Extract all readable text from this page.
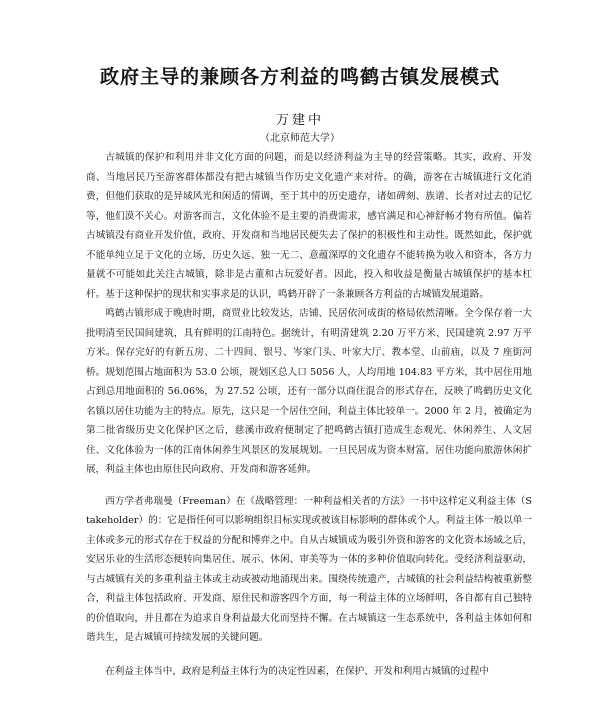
政府主导的兼顾各方利益的鸣鹤古镇发展模式
万建中
（北京师范大学）

古城镇的保护和利用并非文化方面的问题，而是以经济利益为主导的经营策略。其实，政府、开发商、当地居民乃至游客群体都没有把古城镇当作历史文化遗产来对待。的确，游客在古城镇进行文化消费，但他们获取的是异域风光和闲适的情调，至于其中的历史遗存，诸如碑刻、族谱、长者对过去的记忆等，他们漠不关心。对游客而言，文化体验不是主要的消费需求，感官满足和心神舒畅才物有所值。偏若古城镇没有商业开发价值，政府、开发商和当地居民便失去了保护的积极性和主动性。既然如此，保护就不能单纯立足于文化的立场，历史久远、独一无二、意蕴深厚的文化遗存不能转换为收入和资本，各方力量就不可能如此关注古城镇，除非是古董和古玩爱好者。因此，投入和收益是衡量古城镇保护的基本杠杆。基于这种保护的现状和实事求是的认识，鸣鹤开辟了一条兼顾各方利益的古城镇发展道路。

鸣鹤古镇形成于晚唐时期，商贸业比较发达，店铺、民居依河成街的格局依然清晰。全今保存着一大批明清至民国间建筑，具有鲜明的江南特色。据统计，有明清建筑 2.20 万平方米、民国建筑 2.97 万平方米。保存完好的有新五房、二十四间、银号、岑家门头、叶家大厅、教本堂、山前庙，以及 7 座街河桥。规划范围占地面积为 53.0 公顷，规划区总人口 5056 人，人均用地 104.83 平方米，其中居住用地占到总用地面积的 56.06%，为 27.52 公顷，还有一部分以商住混合的形式存在，反映了鸣鹤历史文化名镇以居住功能为主的特点。原先，这只是一个居住空间，利益主体比较单一。2000 年 2 月，被确定为第二批省级历史文化保护区之后，慈溪市政府便制定了把鸣鹤古镇打造成生态观光、休闲养生、人文居住、文化体验为一体的江南休闲养生风景区的发展规划。一旦民居成为资本财富，居住功能向旅游休闲扩展，利益主体也由原住民向政府、开发商和游客延伸。

西方学者弗瑞曼（Freeman）在《战略管理：一种利益相关者的方法》一书中这样定义利益主体（Stakeholder）的：它是指任何可以影响组织目标实现或被该目标影响的群体或个人。利益主体一般以单一主体或多元的形式存在于权益的分配和博弈之中。自从古城镇成为吸引外资和游客的文化资本场域之后，安居乐业的生活形态便转向集居住、展示、休闲、审美等为一体的多种价值取向转化。受经济利益驱动，与古城镇有关的多重利益主体或主动或被动地涌现出来。围绕传统遗产，古城镇的社会利益结构被重新整合，利益主体包括政府、开发商、原住民和游客四个方面，每一利益主体的立场鲜明，各自都有自己独特的价值取向，并且都在为追求自身利益最大化而坚持不懈。在古城镇这一生态系统中，各利益主体如何和谐共生，是古城镇可持续发展的关键问题。

在利益主体当中，政府是利益主体行为的决定性因素，在保护、开发和利用古城镇的过程中
